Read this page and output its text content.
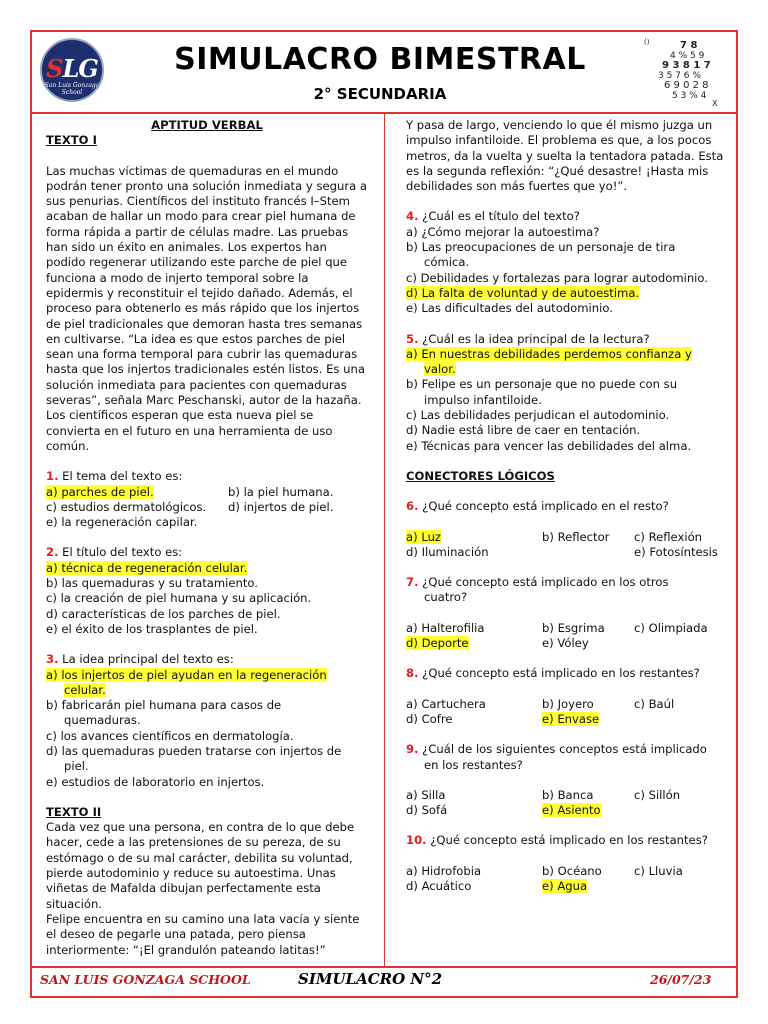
SLG
San Luis Gonzaga
School
SIMULACRO BIMESTRAL
2° SECUNDARIA
7 8
4 % 5 9
9 3 8 1 7
3 5 7 6 %
6 9 0 2 8
5 3 % 4
X
()

APTITUD VERBAL

TEXTO I

Las muchas víctimas de quemaduras en el mundo podrán tener pronto una solución inmediata y segura a sus penurias. Científicos del instituto francés I–Stem acaban de hallar un modo para crear piel humana de forma rápida a partir de células madre. Las pruebas han sido un éxito en animales. Los expertos han podido regenerar utilizando este parche de piel que funciona a modo de injerto temporal sobre la epidermis y reconstituir el tejido dañado. Además, el proceso para obtenerlo es más rápido que los injertos de piel tradicionales que demoran hasta tres semanas en cultivarse. “La idea es que estos parches de piel sean una forma temporal para cubrir las quemaduras hasta que los injertos tradicionales estén listos. Es una solución inmediata para pacientes con quemaduras severas”, señala Marc Peschanski, autor de la hazaña. Los científicos esperan que esta nueva piel se convierta en el futuro en una herramienta de uso común.

1. El tema del texto es:

a) parches de piel.	b) la piel humana.
c) estudios dermatológicos.	d) injertos de piel.

e) la regeneración capilar.

2. El título del texto es:

a) técnica de regeneración celular.

b) las quemaduras y su tratamiento.

c) la creación de piel humana y su aplicación.

d) características de los parches de piel.

e) el éxito de los trasplantes de piel.

3. La idea principal del texto es:

a) los injertos de piel ayudan en la regeneración

celular.

b) fabricarán piel humana para casos de

quemaduras.

c) los avances científicos en dermatología.

d) las quemaduras pueden tratarse con injertos de

piel.

e) estudios de laboratorio en injertos.

TEXTO II

Cada vez que una persona, en contra de lo que debe hacer, cede a las pretensiones de su pereza, de su estómago o de su mal carácter, debilita su voluntad, pierde autodominio y reduce su autoestima. Unas viñetas de Mafalda dibujan perfectamente esta situación.

Felipe encuentra en su camino una lata vacía y siente el deseo de pegarle una patada, pero piensa interiormente: “¡El grandulón pateando latitas!”

Y pasa de largo, venciendo lo que él mismo juzga un impulso infantiloide. El problema es que, a los pocos metros, da la vuelta y suelta la tentadora patada. Esta es la segunda reflexión: “¿Qué desastre! ¡Hasta mis debilidades son más fuertes que yo!”.

4. ¿Cuál es el título del texto?

a) ¿Cómo mejorar la autoestima?

b) Las preocupaciones de un personaje de tira

cómica.

c) Debilidades y fortalezas para lograr autodominio.

d) La falta de voluntad y de autoestima.

e) Las dificultades del autodominio.

5. ¿Cuál es la idea principal de la lectura?

a) En nuestras debilidades perdemos confianza y

valor.

b) Felipe es un personaje que no puede con su

impulso infantiloide.

c) Las debilidades perjudican el autodominio.

d) Nadie está libre de caer en tentación.

e) Técnicas para vencer las debilidades del alma.

CONECTORES LÓGICOS

6. ¿Qué concepto está implicado en el resto?

a) Luz	b) Reflector	c) Reflexión
d) Iluminación	e) Fotosíntesis

7. ¿Qué concepto está implicado en los otros

cuatro?

a) Halterofilia	b) Esgrima	c) Olimpiada
d) Deporte	e) Vóley

8. ¿Qué concepto está implicado en los restantes?

a) Cartuchera	b) Joyero	c) Baúl
d) Cofre	e) Envase

9. ¿Cuál de los siguientes conceptos está implicado

en los restantes?

a) Silla	b) Banca	c) Sillón
d) Sofá	e) Asiento

10. ¿Qué concepto está implicado en los restantes?

a) Hidrofobia	b) Océano	c) Lluvia
d) Acuático	e) Agua
SAN LUIS GONZAGA SCHOOL	SIMULACRO N°2	26/07/23
